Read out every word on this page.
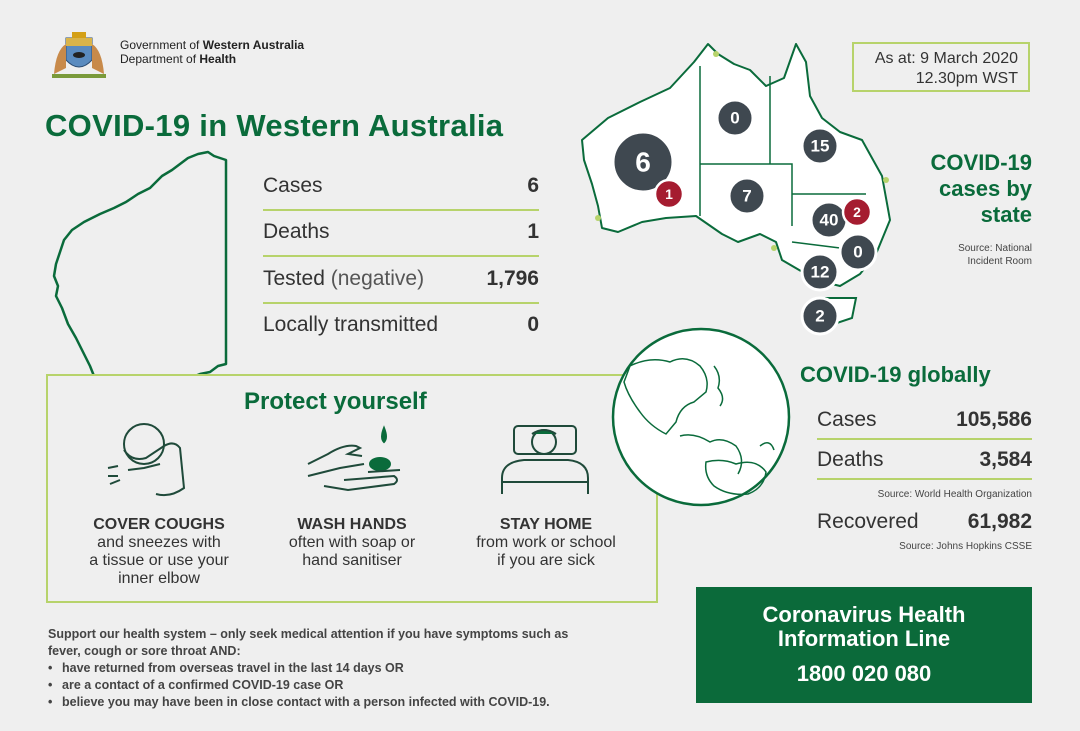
Government of Western Australia
Department of Health	As at: 9 March 2020
12.30pm WST
COVID-19 in Western Australia
Cases	6
Deaths	1
Tested (negative)	1,796
Locally transmitted	0
Protect yourself
COVER COUGHS
and sneezes with
a tissue or use your
inner elbow
WASH HANDS
often with soap or
hand sanitiser
STAY HOME
from work or school
if you are sick
6
1
0
15
7
40 2
0
12
2
COVID-19
cases by
state
Source: National
Incident Room
COVID-19 globally
Cases	105,586
Deaths	3,584
Source: World Health Organization
Recovered 61,982
Source: Johns Hopkins CSSE
Coronavirus Health
Information Line
1800 020 080
Support our health system – only seek medical attention if you have symptoms such as
fever, cough or sore throat AND:
• have returned from overseas travel in the last 14 days OR
• are a contact of a confirmed COVID-19 case OR
• believe you may have been in close contact with a person infected with COVID-19.
